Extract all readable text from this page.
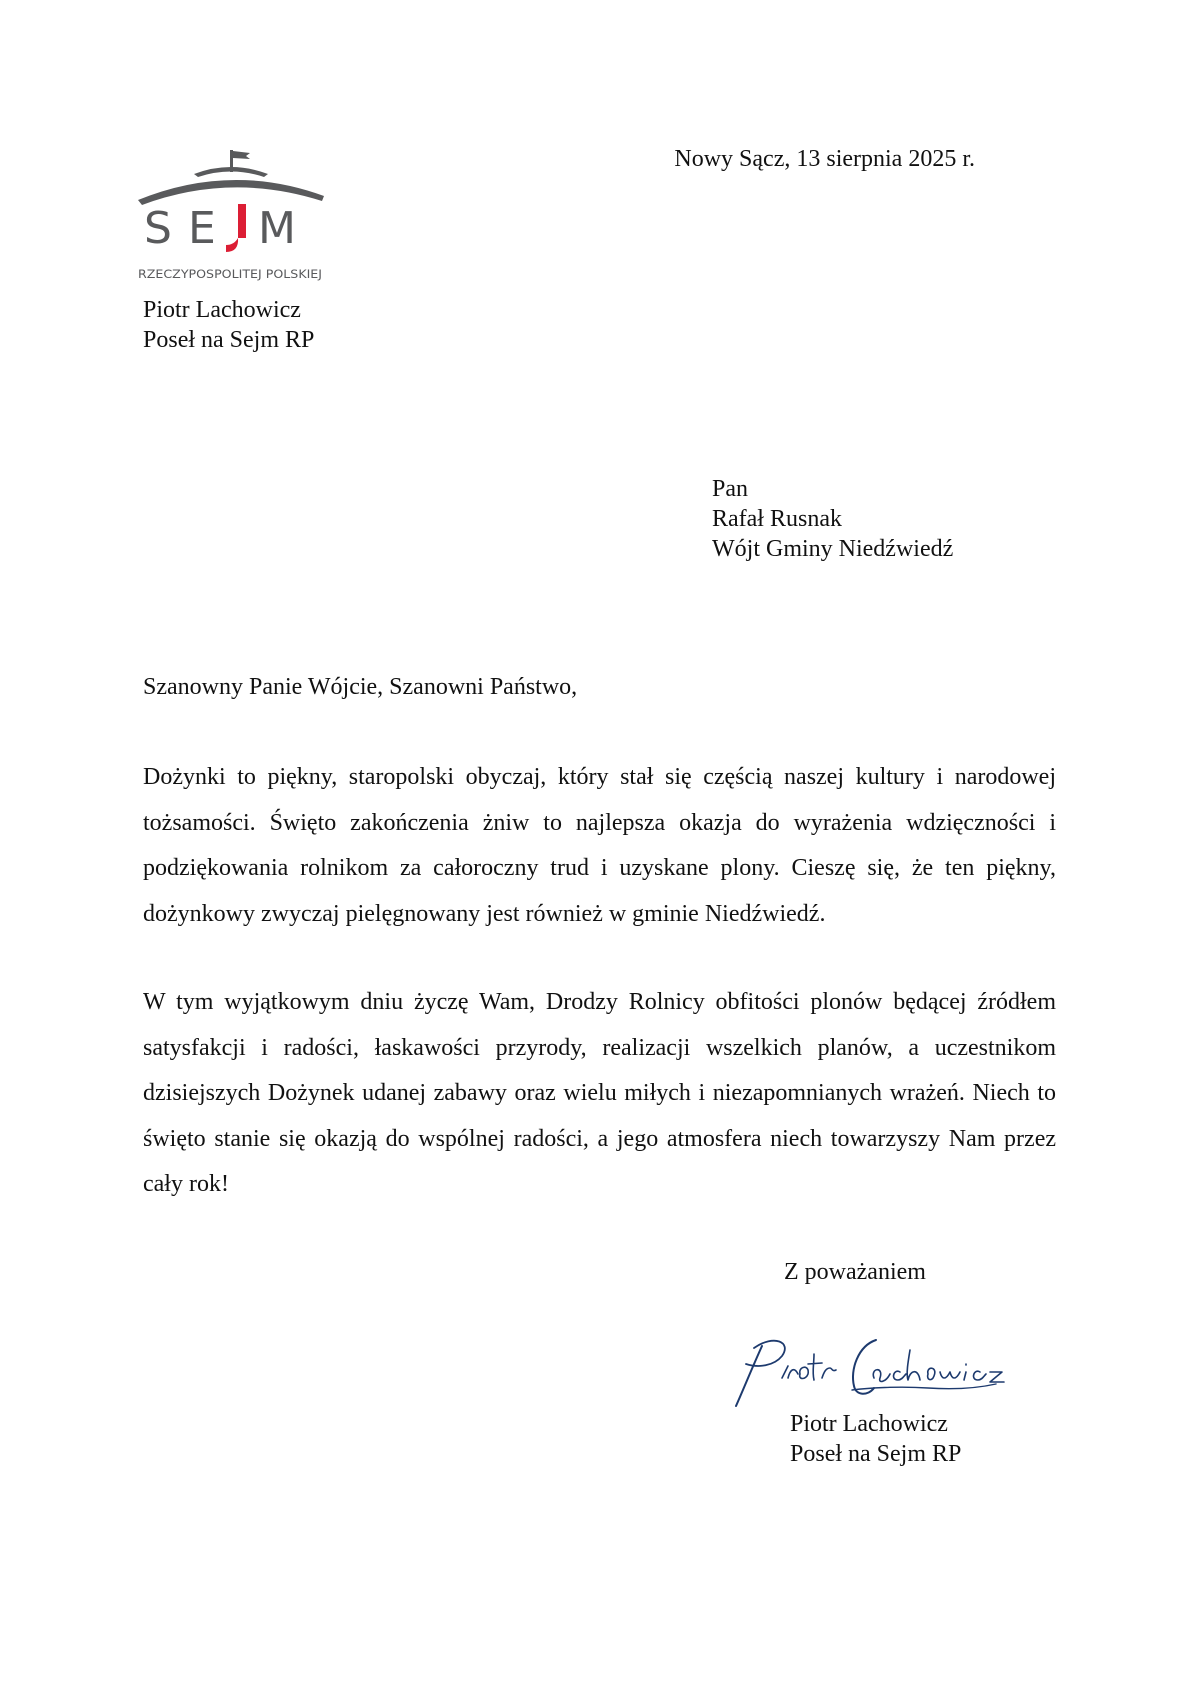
S E M
RZECZYPOSPOLITEJ POLSKIEJ
Nowy Sącz, 13 sierpnia 2025 r.
Piotr Lachowicz
Poseł na Sejm RP
Pan
Rafał Rusnak
Wójt Gminy Niedźwiedź
Szanowny Panie Wójcie, Szanowni Państwo,
Dożynki to piękny, staropolski obyczaj, który stał się częścią naszej kultury i narodowej tożsamości. Święto zakończenia żniw to najlepsza okazja do wyrażenia wdzięczności i podziękowania rolnikom za całoroczny trud i uzyskane plony. Cieszę się, że ten piękny, dożynkowy zwyczaj pielęgnowany jest również w gminie Niedźwiedź.
W tym wyjątkowym dniu życzę Wam, Drodzy Rolnicy obfitości plonów będącej źródłem satysfakcji i radości, łaskawości przyrody, realizacji wszelkich planów, a uczestnikom dzisiejszych Dożynek udanej zabawy oraz wielu miłych i niezapomnianych wrażeń. Niech to święto stanie się okazją do wspólnej radości, a jego atmosfera niech towarzyszy Nam przez cały rok!
Z poważaniem
Piotr Lachowicz
Poseł na Sejm RP
